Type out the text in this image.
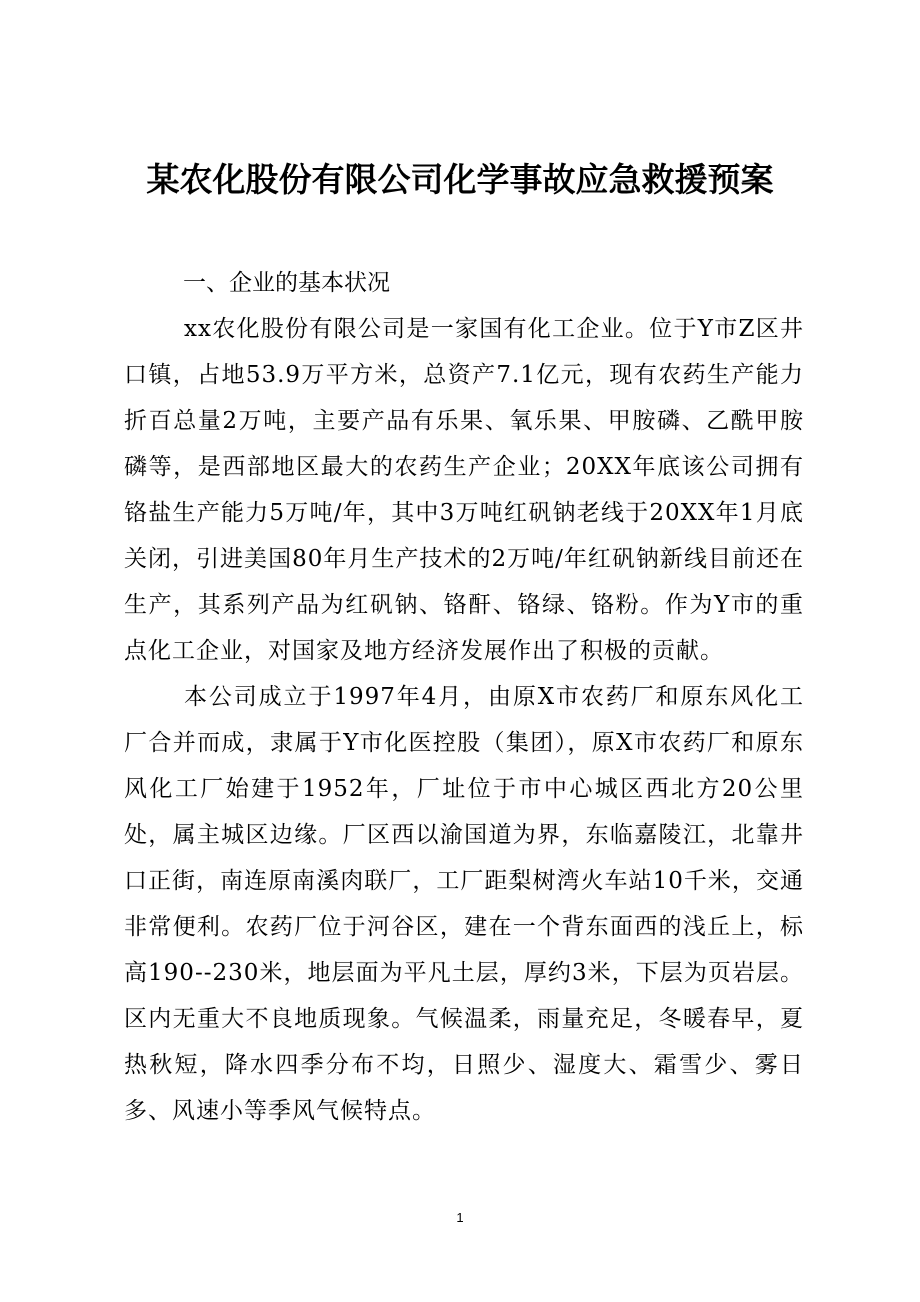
某农化股份有限公司化学事故应急救援预案

一、企业的基本状况

xx农化股份有限公司是一家国有化工企业。位于Y市Z区井口镇，占地53.9万平方米，总资产7.1亿元，现有农药生产能力折百总量2万吨，主要产品有乐果、氧乐果、甲胺磷、乙酰甲胺磷等，是西部地区最大的农药生产企业；20XX年底该公司拥有铬盐生产能力5万吨/年，其中3万吨红矾钠老线于20XX年1月底关闭，引进美国80年月生产技术的2万吨/年红矾钠新线目前还在生产，其系列产品为红矾钠、铬酐、铬绿、铬粉。作为Y市的重点化工企业，对国家及地方经济发展作出了积极的贡献。

本公司成立于1997年4月，由原X市农药厂和原东风化工厂合并而成，隶属于Y市化医控股（集团），原X市农药厂和原东风化工厂始建于1952年，厂址位于市中心城区西北方20公里处，属主城区边缘。厂区西以渝国道为界，东临嘉陵江，北靠井口正街，南连原南溪肉联厂，工厂距梨树湾火车站10千米，交通非常便利。农药厂位于河谷区，建在一个背东面西的浅丘上，标高190--230米，地层面为平凡土层，厚约3米，下层为页岩层。区内无重大不良地质现象。气候温柔，雨量充足，冬暖春早，夏热秋短，降水四季分布不均，日照少、湿度大、霜雪少、雾日多、风速小等季风气候特点。

1
